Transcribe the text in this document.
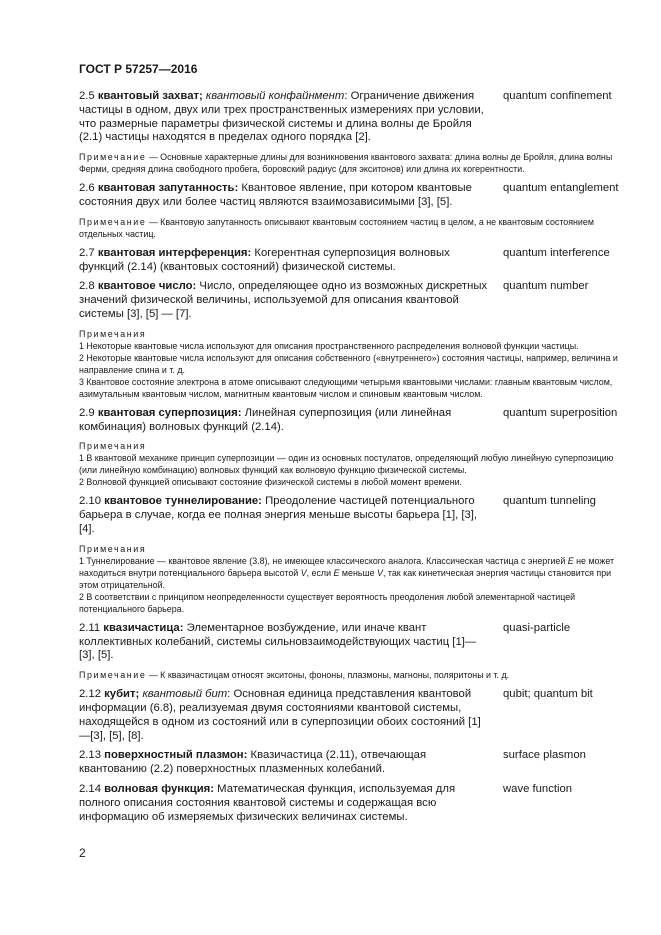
ГОСТ Р 57257—2016
2.5 квантовый захват; квантовый конфайнмент: Ограничение движения частицы в одном, двух или трех пространственных измерениях при условии, что размерные параметры физической системы и длина волны де Бройля (2.1) частицы находятся в пределах одного порядка [2].
quantum confinement
Примечание — Основные характерные длины для возникновения квантового захвата: длина волны де Бройля, длина волны Ферми, средняя длина свободного пробега, боровский радиус (для экситонов) или длина их когерентности.
2.6 квантовая запутанность: Квантовое явление, при котором квантовые состояния двух или более частиц являются взаимозависимыми [3], [5].
quantum entanglement
Примечание — Квантовую запутанность описывают квантовым состоянием частиц в целом, а не квантовым состоянием отдельных частиц.
2.7 квантовая интерференция: Когерентная суперпозиция волновых функций (2.14) (квантовых состояний) физической системы.
quantum interference
2.8 квантовое число: Число, определяющее одно из возможных дискретных значений физической величины, используемой для описания квантовой системы [3], [5] — [7].
quantum number
Примечания
1 Некоторые квантовые числа используют для описания пространственного распределения волновой функции частицы.
2 Некоторые квантовые числа используют для описания собственного («внутреннего») состояния частицы, например, величина и направление спина и т. д.
3 Квантовое состояние электрона в атоме описывают следующими четырьмя квантовыми числами: главным квантовым числом, азимутальным квантовым числом, магнитным квантовым числом и спиновым квантовым числом.
2.9 квантовая суперпозиция: Линейная суперпозиция (или линейная комбинация) волновых функций (2.14).
quantum superposition
Примечания
1 В квантовой механике принцип суперпозиции — один из основных постулатов, определяющий любую линейную суперпозицию (или линейную комбинацию) волновых функций как волновую функцию физической системы.
2 Волновой функцией описывают состояние физической системы в любой момент времени.
2.10 квантовое туннелирование: Преодоление частицей потенциального барьера в случае, когда ее полная энергия меньше высоты барьера [1], [3], [4].
quantum tunneling
Примечания
1 Туннелирование — квантовое явление (3.8), не имеющее классического аналога. Классическая частица с энергией E не может находиться внутри потенциального барьера высотой V, если E меньше V, так как кинетическая энергия частицы становится при этом отрицательной.
2 В соответствии с принципом неопределенности существует вероятность преодоления любой элементарной частицей потенциального барьера.
2.11 квазичастица: Элементарное возбуждение, или иначе квант коллективных колебаний, системы сильновзаимодействующих частиц [1]—[3], [5].
quasi-particle
Примечание — К квазичастицам относят экситоны, фононы, плазмоны, магноны, поляритоны и т. д.
2.12 кубит; квантовый бит: Основная единица представления квантовой информации (6.8), реализуемая двумя состояниями квантовой системы, находящейся в одном из состояний или в суперпозиции обоих состояний [1]—[3], [5], [8].
qubit; quantum bit
2.13 поверхностный плазмон: Квазичастица (2.11), отвечающая квантованию (2.2) поверхностных плазменных колебаний.
surface plasmon
2.14 волновая функция: Математическая функция, используемая для полного описания состояния квантовой системы и содержащая всю информацию об измеряемых физических величинах системы.
wave function
2
